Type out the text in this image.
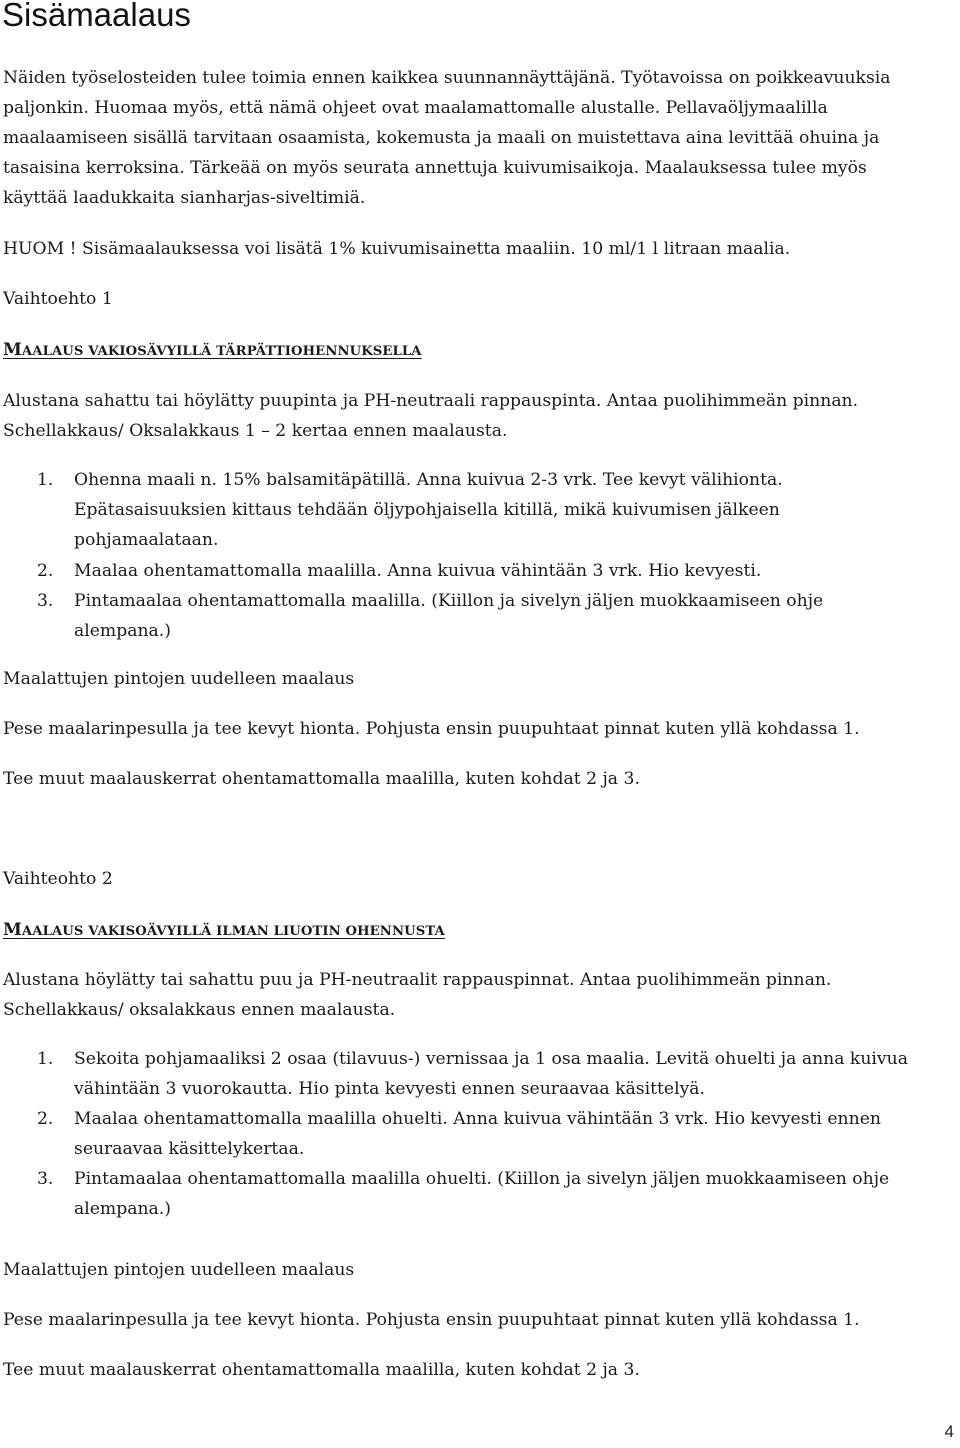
Sisämaalaus

Näiden työselosteiden tulee toimia ennen kaikkea suunnannäyttäjänä. Työtavoissa on poikkeavuuksia

paljonkin. Huomaa myös, että nämä ohjeet ovat maalamattomalle alustalle. Pellavaöljymaalilla

maalaamiseen sisällä tarvitaan osaamista, kokemusta ja maali on muistettava aina levittää ohuina ja

tasaisina kerroksina. Tärkeää on myös seurata annettuja kuivumisaikoja. Maalauksessa tulee myös

käyttää laadukkaita sianharjas-siveltimiä.

HUOM ! Sisämaalauksessa voi lisätä 1% kuivumisainetta maaliin. 10 ml/1 l litraan maalia.

Vaihtoehto 1

MAALAUS VAKIOSÄVYILLÄ TÄRPÄTTIOHENNUKSELLA

Alustana sahattu tai höylätty puupinta ja PH-neutraali rappauspinta. Antaa puolihimmeän pinnan.

Schellakkaus/ Oksalakkaus 1 – 2 kertaa ennen maalausta.

1. Ohenna maali n. 15% balsamitäpätillä. Anna kuivua 2-3 vrk. Tee kevyt välihionta.

Epätasaisuuksien kittaus tehdään öljypohjaisella kitillä, mikä kuivumisen jälkeen

pohjamaalataan.

2. Maalaa ohentamattomalla maalilla. Anna kuivua vähintään 3 vrk. Hio kevyesti.

3. Pintamaalaa ohentamattomalla maalilla. (Kiillon ja sivelyn jäljen muokkaamiseen ohje

alempana.)

Maalattujen pintojen uudelleen maalaus

Pese maalarinpesulla ja tee kevyt hionta. Pohjusta ensin puupuhtaat pinnat kuten yllä kohdassa 1.

Tee muut maalauskerrat ohentamattomalla maalilla, kuten kohdat 2 ja 3.

Vaihteohto 2

MAALAUS VAKISOÄVYILLÄ ILMAN LIUOTIN OHENNUSTA

Alustana höylätty tai sahattu puu ja PH-neutraalit rappauspinnat. Antaa puolihimmeän pinnan.

Schellakkaus/ oksalakkaus ennen maalausta.

1. Sekoita pohjamaaliksi 2 osaa (tilavuus-) vernissaa ja 1 osa maalia. Levitä ohuelti ja anna kuivua

vähintään 3 vuorokautta. Hio pinta kevyesti ennen seuraavaa käsittelyä.

2. Maalaa ohentamattomalla maalilla ohuelti. Anna kuivua vähintään 3 vrk. Hio kevyesti ennen

seuraavaa käsittelykertaa.

3. Pintamaalaa ohentamattomalla maalilla ohuelti. (Kiillon ja sivelyn jäljen muokkaamiseen ohje

alempana.)

Maalattujen pintojen uudelleen maalaus

Pese maalarinpesulla ja tee kevyt hionta. Pohjusta ensin puupuhtaat pinnat kuten yllä kohdassa 1.

Tee muut maalauskerrat ohentamattomalla maalilla, kuten kohdat 2 ja 3.

4
